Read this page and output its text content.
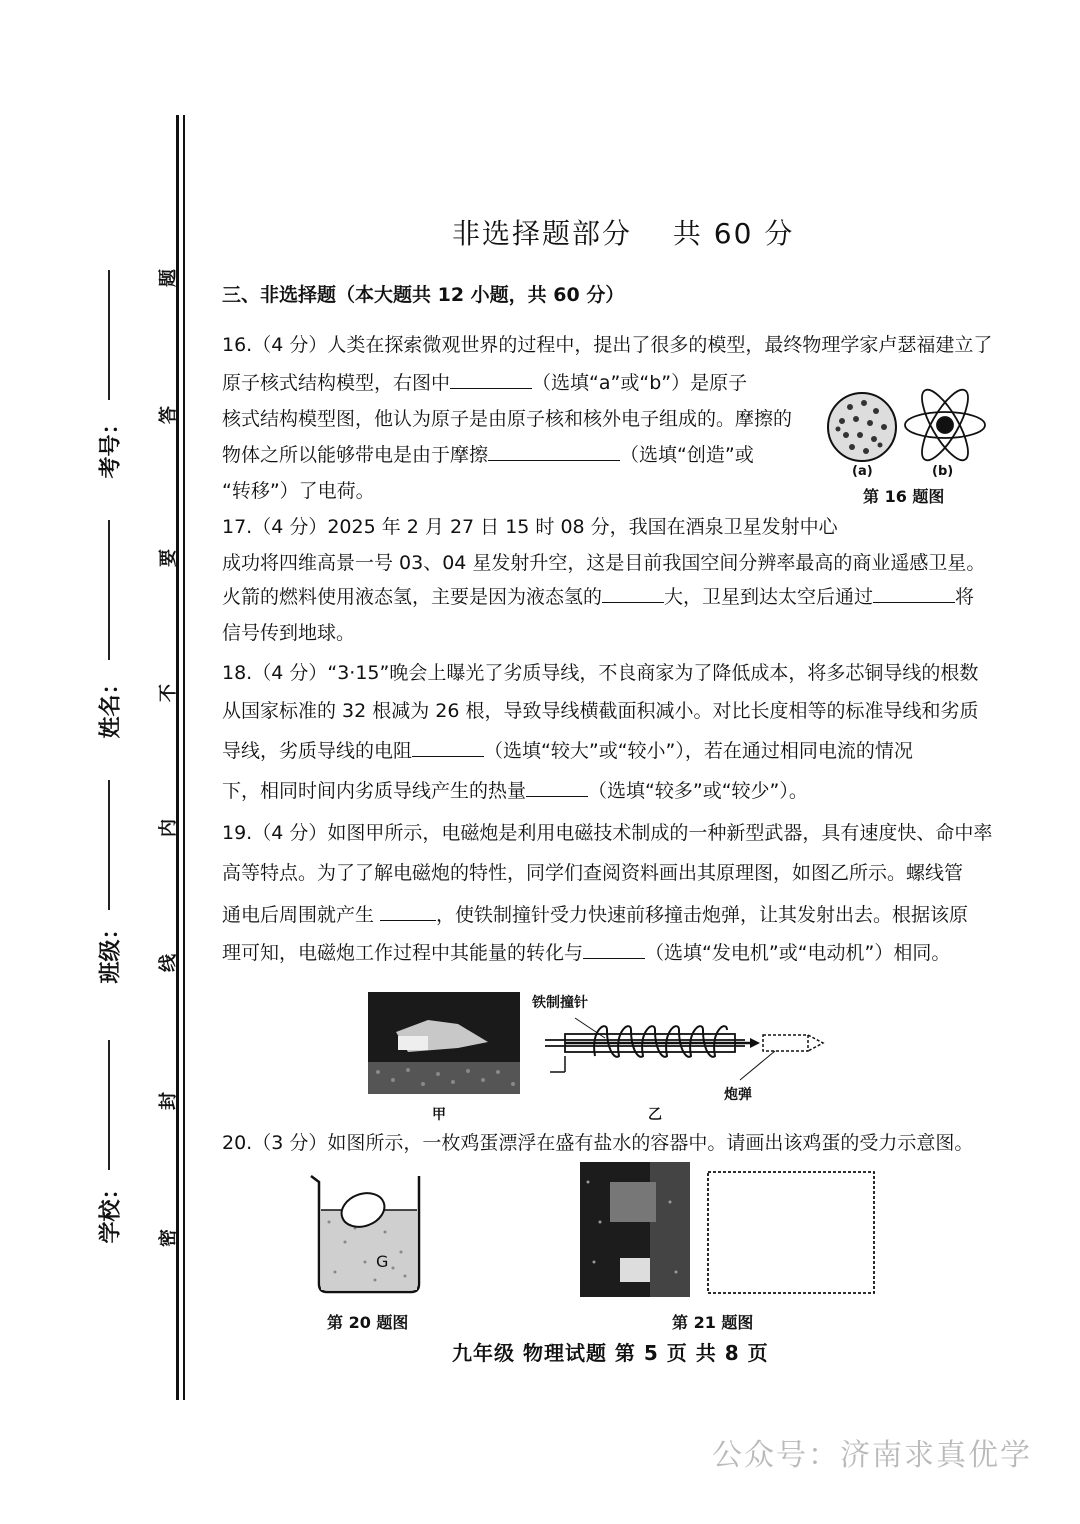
考号：
姓名：
班级：
学校：
题
答
要
不
内
线
封
密
非选择题部分　 共 60 分
三、非选择题（本大题共 12 小题，共 60 分）
16.（4 分）人类在探索微观世界的过程中，提出了很多的模型，最终物理学家卢瑟福建立了
原子核式结构模型，右图中	（选填“a”或“b”）是原子
核式结构模型图，他认为原子是由原子核和核外电子组成的。摩擦的
物体之所以能够带电是由于摩擦	（选填“创造”或
“转移”）了电荷。
(a)	(b)
第 16 题图
17.（4 分）2025 年 2 月 27 日 15 时 08 分，我国在酒泉卫星发射中心
成功将四维高景一号 03、04 星发射升空，这是目前我国空间分辨率最高的商业遥感卫星。
火箭的燃料使用液态氢，主要是因为液态氢的	大，卫星到达太空后通过	将
信号传到地球。
18.（4 分）“3·15”晚会上曝光了劣质导线，不良商家为了降低成本，将多芯铜导线的根数
从国家标准的 32 根减为 26 根，导致导线横截面积减小。对比长度相等的标准导线和劣质
导线，劣质导线的电阻	（选填“较大”或“较小”），若在通过相同电流的情况
下，相同时间内劣质导线产生的热量	（选填“较多”或“较少”）。
19.（4 分）如图甲所示，电磁炮是利用电磁技术制成的一种新型武器，具有速度快、命中率
高等特点。为了了解电磁炮的特性，同学们查阅资料画出其原理图，如图乙所示。螺线管
通电后周围就产生	，使铁制撞针受力快速前移撞击炮弹，让其发射出去。根据该原
理可知，电磁炮工作过程中其能量的转化与	（选填“发电机”或“电动机”）相同。
甲
铁制撞针
炮弹
乙
20.（3 分）如图所示，一枚鸡蛋漂浮在盛有盐水的容器中。请画出该鸡蛋的受力示意图。
G
第 20 题图	第 21 题图
九年级 物理试题 第 5 页 共 8 页
公众号：济南求真优学
